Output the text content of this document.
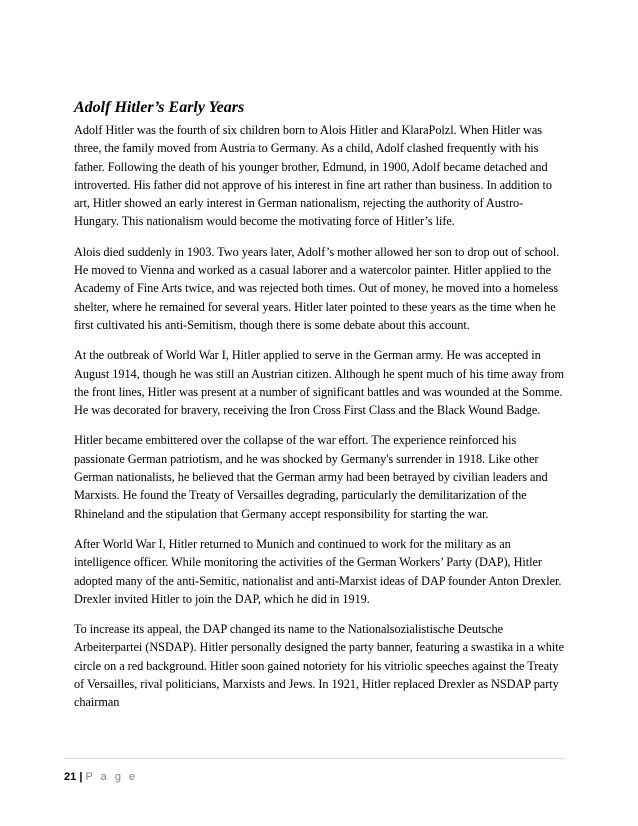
Adolf Hitler’s Early Years

Adolf Hitler was the fourth of six children born to Alois Hitler and KlaraPolzl. When Hitler was three, the family moved from Austria to Germany. As a child, Adolf clashed frequently with his father. Following the death of his younger brother, Edmund, in 1900, Adolf became detached and introverted. His father did not approve of his interest in fine art rather than business. In addition to art, Hitler showed an early interest in German nationalism, rejecting the authority of Austro-Hungary. This nationalism would become the motivating force of Hitler’s life.

Alois died suddenly in 1903. Two years later, Adolf’s mother allowed her son to drop out of school. He moved to Vienna and worked as a casual laborer and a watercolor painter. Hitler applied to the Academy of Fine Arts twice, and was rejected both times. Out of money, he moved into a homeless shelter, where he remained for several years. Hitler later pointed to these years as the time when he first cultivated his anti-Semitism, though there is some debate about this account.

At the outbreak of World War I, Hitler applied to serve in the German army. He was accepted in August 1914, though he was still an Austrian citizen. Although he spent much of his time away from the front lines, Hitler was present at a number of significant battles and was wounded at the Somme. He was decorated for bravery, receiving the Iron Cross First Class and the Black Wound Badge.

Hitler became embittered over the collapse of the war effort. The experience reinforced his passionate German patriotism, and he was shocked by Germany's surrender in 1918. Like other German nationalists, he believed that the German army had been betrayed by civilian leaders and Marxists. He found the Treaty of Versailles degrading, particularly the demilitarization of the Rhineland and the stipulation that Germany accept responsibility for starting the war.

After World War I, Hitler returned to Munich and continued to work for the military as an intelligence officer. While monitoring the activities of the German Workers’ Party (DAP), Hitler adopted many of the anti-Semitic, nationalist and anti-Marxist ideas of DAP founder Anton Drexler. Drexler invited Hitler to join the DAP, which he did in 1919.

To increase its appeal, the DAP changed its name to the Nationalsozialistische Deutsche Arbeiterpartei (NSDAP). Hitler personally designed the party banner, featuring a swastika in a white circle on a red background. Hitler soon gained notoriety for his vitriolic speeches against the Treaty of Versailles, rival politicians, Marxists and Jews. In 1921, Hitler replaced Drexler as NSDAP party chairman

21 | P a g e
